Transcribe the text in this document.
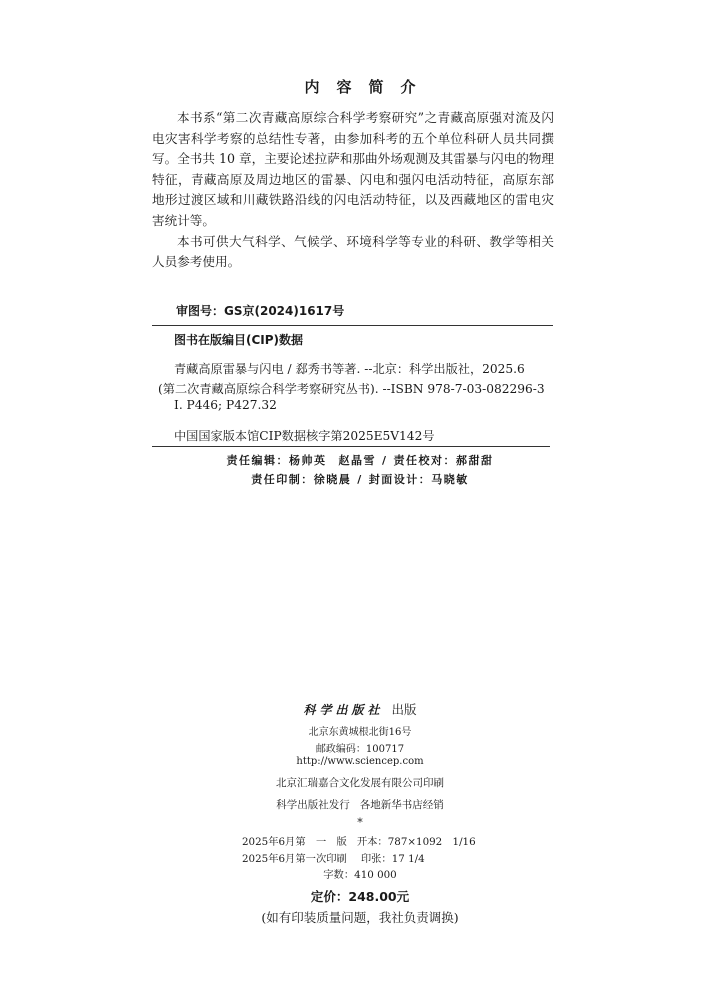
内容简介

本书系“第二次青藏高原综合科学考察研究”之青藏高原强对流及闪电灾害科学考察的总结性专著，由参加科考的五个单位科研人员共同撰写。全书共 10 章，主要论述拉萨和那曲外场观测及其雷暴与闪电的物理特征，青藏高原及周边地区的雷暴、闪电和强闪电活动特征，高原东部地形过渡区域和川藏铁路沿线的闪电活动特征，以及西藏地区的雷电灾害统计等。

本书可供大气科学、气候学、环境科学等专业的科研、教学等相关人员参考使用。

审图号：GS京(2024)1617号
图书在版编目(CIP)数据
青藏高原雷暴与闪电 / 郄秀书等著. --北京：科学出版社，2025.6
(第二次青藏高原综合科学考察研究丛书). --ISBN 978-7-03-082296-3
Ⅰ. P446; P427.32
中国国家版本馆CIP数据核字第2025E5V142号
责任编辑：杨帅英 赵晶雪 / 责任校对：郝甜甜
责任印制：徐晓晨 / 封面设计：马晓敏
科学出版社 出版
北京东黄城根北街16号
邮政编码：100717
http://www.sciencep.com
北京汇瑞嘉合文化发展有限公司印刷
科学出版社发行 各地新华书店经销
*
2025年6月第　一　版 开本：787×1092　1/16
2025年6月第一次印刷 印张：17 1/4
字数：410 000
定价：248.00元
(如有印装质量问题，我社负责调换)
